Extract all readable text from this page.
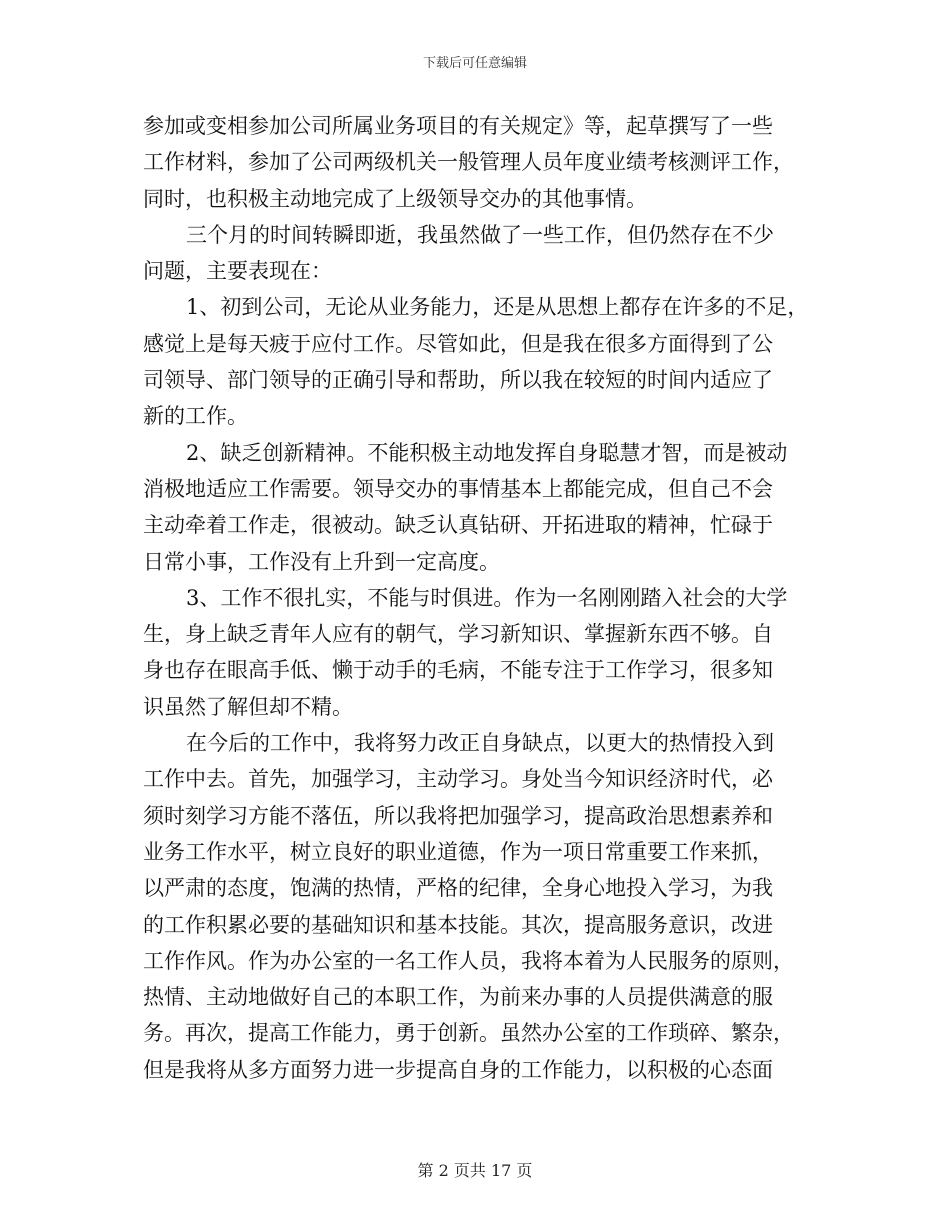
下载后可任意编辑
参加或变相参加公司所属业务项目的有关规定》等，起草撰写了一些
工作材料，参加了公司两级机关一般管理人员年度业绩考核测评工作，
同时，也积极主动地完成了上级领导交办的其他事情。
三个月的时间转瞬即逝，我虽然做了一些工作，但仍然存在不少
问题，主要表现在：
1、初到公司，无论从业务能力，还是从思想上都存在许多的不足，
感觉上是每天疲于应付工作。尽管如此，但是我在很多方面得到了公
司领导、部门领导的正确引导和帮助，所以我在较短的时间内适应了
新的工作。
2、缺乏创新精神。不能积极主动地发挥自身聪慧才智，而是被动
消极地适应工作需要。领导交办的事情基本上都能完成，但自己不会
主动牵着工作走，很被动。缺乏认真钻研、开拓进取的精神，忙碌于
日常小事，工作没有上升到一定高度。
3、工作不很扎实，不能与时俱进。作为一名刚刚踏入社会的大学
生，身上缺乏青年人应有的朝气，学习新知识、掌握新东西不够。自
身也存在眼高手低、懒于动手的毛病，不能专注于工作学习，很多知
识虽然了解但却不精。
在今后的工作中，我将努力改正自身缺点，以更大的热情投入到
工作中去。首先，加强学习，主动学习。身处当今知识经济时代，必
须时刻学习方能不落伍，所以我将把加强学习，提高政治思想素养和
业务工作水平，树立良好的职业道德，作为一项日常重要工作来抓，
以严肃的态度，饱满的热情，严格的纪律，全身心地投入学习，为我
的工作积累必要的基础知识和基本技能。其次，提高服务意识，改进
工作作风。作为办公室的一名工作人员，我将本着为人民服务的原则，
热情、主动地做好自己的本职工作，为前来办事的人员提供满意的服
务。再次，提高工作能力，勇于创新。虽然办公室的工作琐碎、繁杂，
但是我将从多方面努力进一步提高自身的工作能力，以积极的心态面
第 2 页共 17 页
